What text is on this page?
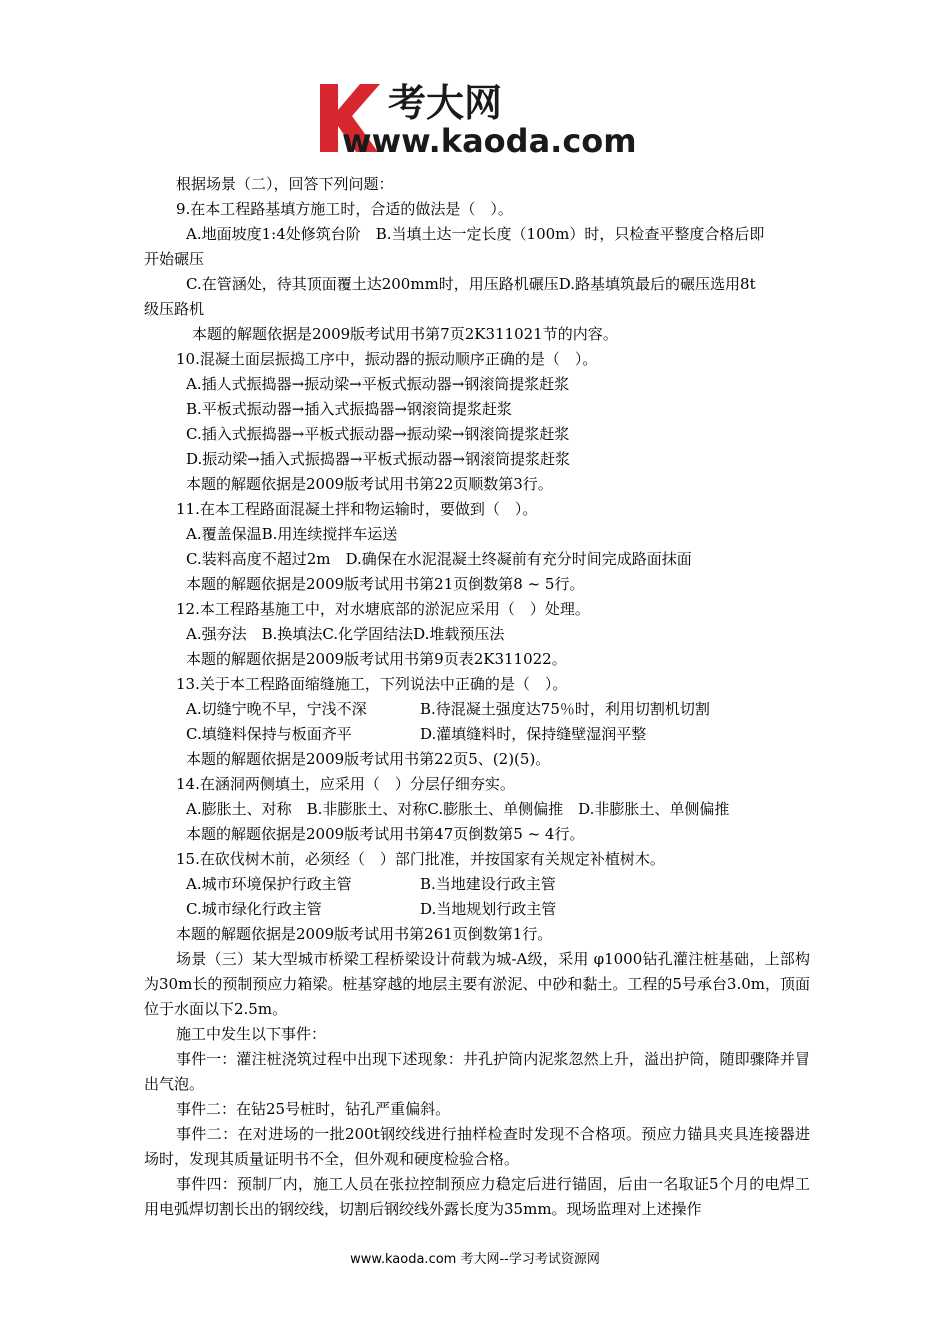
考大网
www.kaoda.com
根据场景（二），回答下列问题：
9.在本工程路基填方施工时，合适的做法是（　）。
A.地面坡度1:4处修筑台阶　B.当填土达一定长度（100m）时，只检查平整度合格后即
开始碾压
C.在管涵处，待其顶面覆土达200mm时，用压路机碾压D.路基填筑最后的碾压选用8t
级压路机
本题的解题依据是2009版考试用书第7页2K311021节的内容。
10.混凝土面层振捣工序中，振动器的振动顺序正确的是（　）。
A.插人式振捣器→振动梁→平板式振动器→钢滚筒提浆赶浆
B.平板式振动器→插入式振捣器→钢滚筒提浆赶浆
C.插入式振捣器→平板式振动器→振动梁→钢滚筒提浆赶浆
D.振动梁→插入式振捣器→平板式振动器→钢滚筒提浆赶浆
本题的解题依据是2009版考试用书第22页顺数第3行。
11.在本工程路面混凝土拌和物运输时，要做到（　）。
A.覆盖保温B.用连续搅拌车运送
C.装料高度不超过2m　D.确保在水泥混凝土终凝前有充分时间完成路面抹面
本题的解题依据是2009版考试用书第21页倒数第8 ~ 5行。
12.本工程路基施工中，对水塘底部的淤泥应采用（　）处理。
A.强夯法　B.换填法C.化学固结法D.堆载预压法
本题的解题依据是2009版考试用书第9页表2K311022。
13.关于本工程路面缩缝施工，下列说法中正确的是（　）。
A.切缝宁晚不早，宁浅不深	B.待混凝土强度达75％时，利用切割机切割
C.填缝料保持与板面齐平	D.灌填缝料时，保持缝壁湿润平整
本题的解题依据是2009版考试用书第22页5、(2)(5)。
14.在涵洞两侧填土，应采用（　）分层仔细夯实。
A.膨胀土、对称　B.非膨胀土、对称C.膨胀土、单侧偏推　D.非膨胀土、单侧偏推
本题的解题依据是2009版考试用书第47页倒数第5 ~ 4行。
15.在砍伐树木前，必须经（　）部门批准，并按国家有关规定补植树木。
A.城市环境保护行政主管	B.当地建设行政主管
C.城市绿化行政主管	D.当地规划行政主管
本题的解题依据是2009版考试用书第261页倒数第1行。
场景（三）某大型城市桥梁工程桥梁设计荷载为城-A级，采用 φ1000钻孔灌注桩基础，上部构为30m长的预制预应力箱梁。桩基穿越的地层主要有淤泥、中砂和黏土。工程的5号承台3.0m，顶面位于水面以下2.5m。
施工中发生以下事件：
事件一：灌注桩浇筑过程中出现下述现象：井孔护筒内泥浆忽然上升，溢出护筒，随即骤降并冒出气泡。
事件二：在钻25号桩时，钻孔严重偏斜。
事件二：在对进场的一批200t钢绞线进行抽样检查时发现不合格项。预应力锚具夹具连接器进场时，发现其质量证明书不全，但外观和硬度检验合格。
事件四：预制厂内，施工人员在张拉控制预应力稳定后进行锚固，后由一名取证5个月的电焊工用电弧焊切割长出的钢绞线，切割后钢绞线外露长度为35mm。现场监理对上述操作
www.kaoda.com 考大网--学习考试资源网
